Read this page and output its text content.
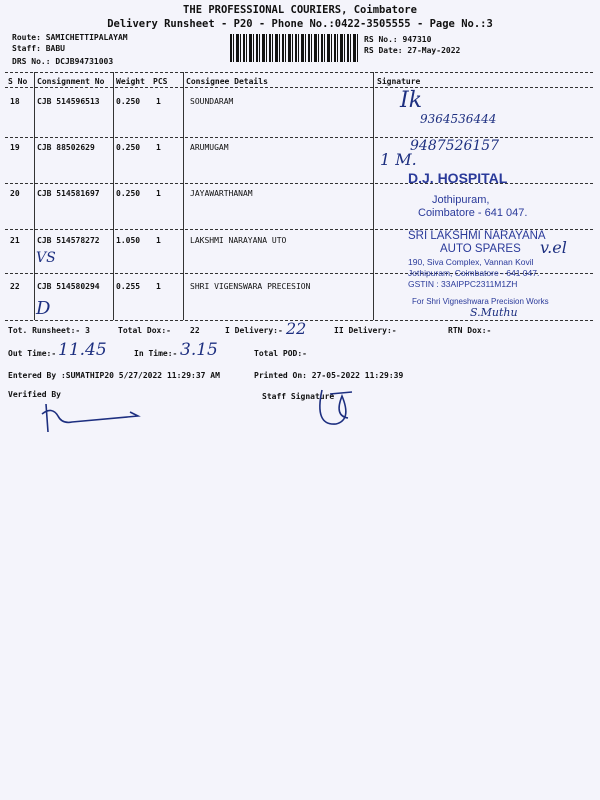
THE PROFESSIONAL COURIERS, Coimbatore
Delivery Runsheet - P20 - Phone No.:0422-3505555 - Page No.:3
Route: SAMICHETTIPALAYAM
Staff: BABU
DRS No.: DCJB94731003
RS No.: 947310
RS Date: 27-May-2022
S No Consignment No Weight PCS Consignee Details	Signature
18 CJB 514596513 0.250 1	SOUNDARAM
19 CJB 88502629	0.250 1	ARUMUGAM
20 CJB 514581697 0.250 1	JAYAWARTHANAM
21 CJB 514578272 1.050 1	LAKSHMI NARAYANA UTO
22 CJB 514580294 0.255 1	SHRI VIGENSWARA PRECESION
Ik
9364536444
9487526157
1 M.
VS
D
v.el
S.Muthu
D.J. HOSPITAL
Jothipuram,
Coimbatore - 641 047.
SRI LAKSHMI NARAYANA
AUTO SPARES
190, Siva Complex, Vannan Kovil
Jothipuram, Coimbatore - 641 047.
GSTIN : 33AIPPC2311M1ZH
For Shri Vigneshwara Precision Works
Tot. Runsheet:- 3	Total Dox:- 22	I Delivery:- 22	II Delivery:-	RTN Dox:-
Out Time:- 11.45	In Time:- 3.15	Total POD:-
Entered By :SUMATHIP20 5/27/2022 11:29:37 AM	Printed On: 27-05-2022 11:29:39
Verified By	Staff Signature
